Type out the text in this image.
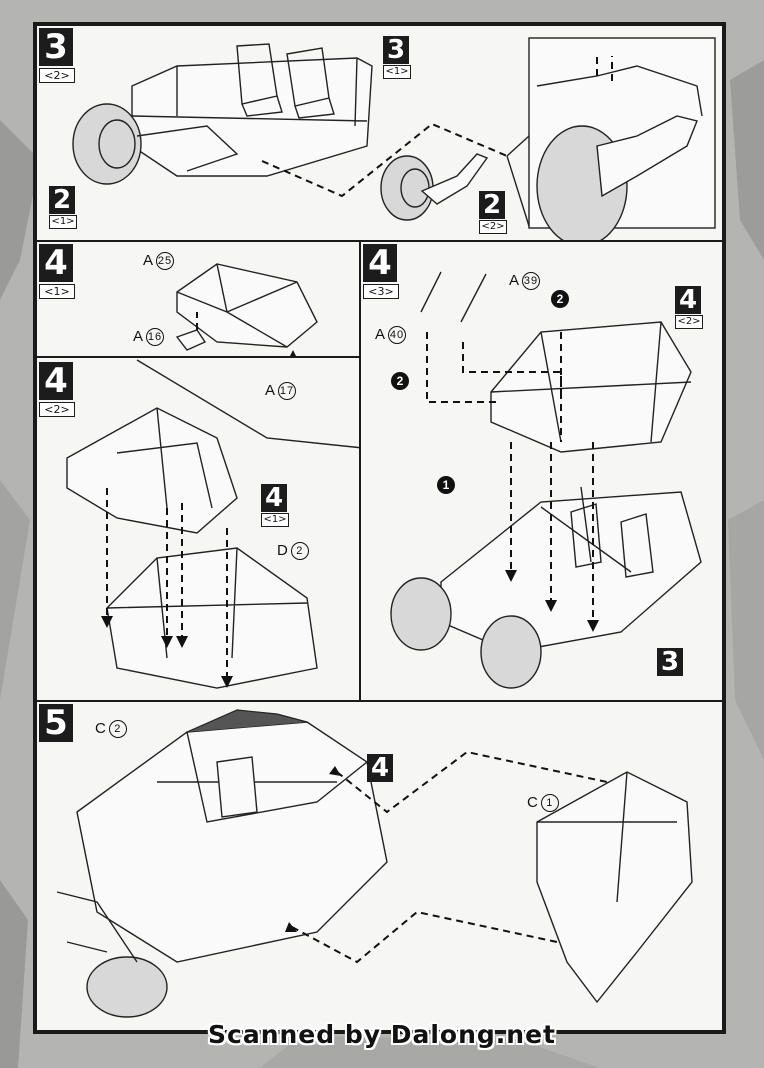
3
<2>
3
<1>
2
<1>
2
<2>
4
<1>
A 25
A 16
A 17
4
<2>
4
<1>
D 2
4
<3>
A 39
A 40
4
<2>
2
2
1
3
5	C 2
4
C 1
Scanned by Dalong.net
